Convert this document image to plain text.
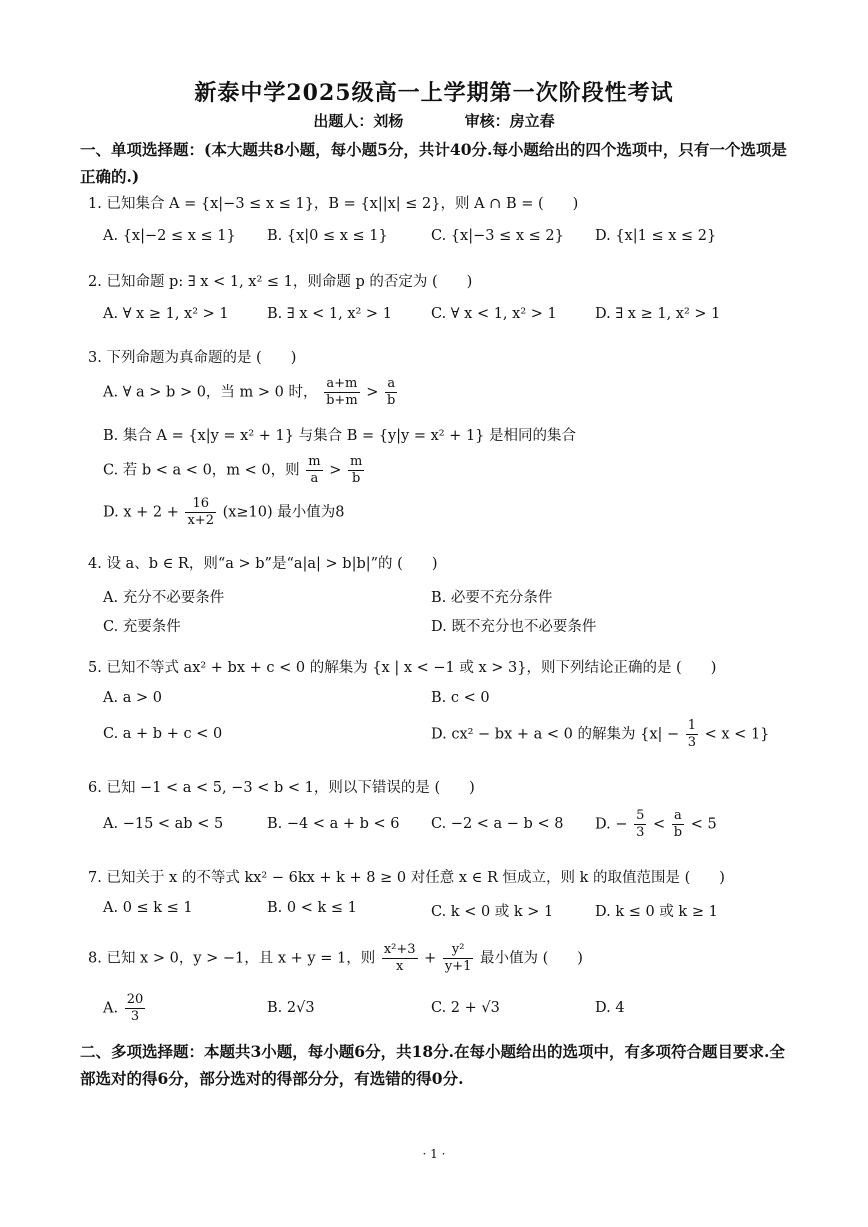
新泰中学2025级高一上学期第一次阶段性考试
出题人：刘杨	审核：房立春
一、单项选择题：(本大题共8小题，每小题5分，共计40分.每小题给出的四个选项中，只有一个选项是正确的.)
1. 已知集合 A = {x|−3 ≤ x ≤ 1}，B = {x||x| ≤ 2}，则 A ∩ B = (　　)
A. {x|−2 ≤ x ≤ 1} B. {x|0 ≤ x ≤ 1}	C. {x|−3 ≤ x ≤ 2} D. {x|1 ≤ x ≤ 2}
2. 已知命题 p: ∃ x < 1, x² ≤ 1，则命题 p 的否定为 (　　)
A. ∀ x ≥ 1, x² > 1	B. ∃ x < 1, x² > 1	C. ∀ x < 1, x² > 1	D. ∃ x ≥ 1, x² > 1
3. 下列命题为真命题的是 (　　)
A. ∀ a > b > 0，当 m > 0 时， $\frac{a+m}{b+m} > \frac{a}{b}$
B. 集合 A = {x|y = x² + 1} 与集合 B = {y|y = x² + 1} 是相同的集合
C. 若 b < a < 0，m < 0，则 $\frac{m}{a} > \frac{m}{b}$
D. $x + 2 + \frac{16}{x+2} (x\ge 10)$ 最小值为8
4. 设 a、b ∈ R，则“a > b”是“a|a| > b|b|”的 (　　)
A. 充分不必要条件	B. 必要不充分条件
C. 充要条件	D. 既不充分也不必要条件
5. 已知不等式 ax² + bx + c < 0 的解集为 {x | x < −1 或 x > 3}，则下列结论正确的是 (　　)
A. a > 0	B. c < 0
C. a + b + c < 0	D. cx² − bx + a < 0 的解集为 $\{x| - \frac{1}{3} < x < 1\}$
6. 已知 −1 < a < 5, −3 < b < 1，则以下错误的是 (　　)
A. −15 < ab < 5	B. −4 < a + b < 6 C. −2 < a − b < 8 D. − $\frac{5}{3} < \frac{a}{b} < 5$
7. 已知关于 x 的不等式 kx² − 6kx + k + 8 ≥ 0 对任意 x ∈ R 恒成立，则 k 的取值范围是 (　　)
A. 0 ≤ k ≤ 1	B. 0 < k ≤ 1	C. k < 0 或 k > 1	D. k ≤ 0 或 k ≥ 1
8. 已知 x > 0，y > −1，且 x + y = 1，则 $\frac{\text{x²+3}}{x} + \frac{\text{y²}}{y+1}$ 最小值为 (　　)
A. $\frac{20}{3}$	B. 2√3	C. 2 + √3	D. 4
二、多项选择题：本题共3小题，每小题6分，共18分.在每小题给出的选项中，有多项符合题目要求.全部选对的得6分，部分选对的得部分分，有选错的得0分.
· 1 ·
